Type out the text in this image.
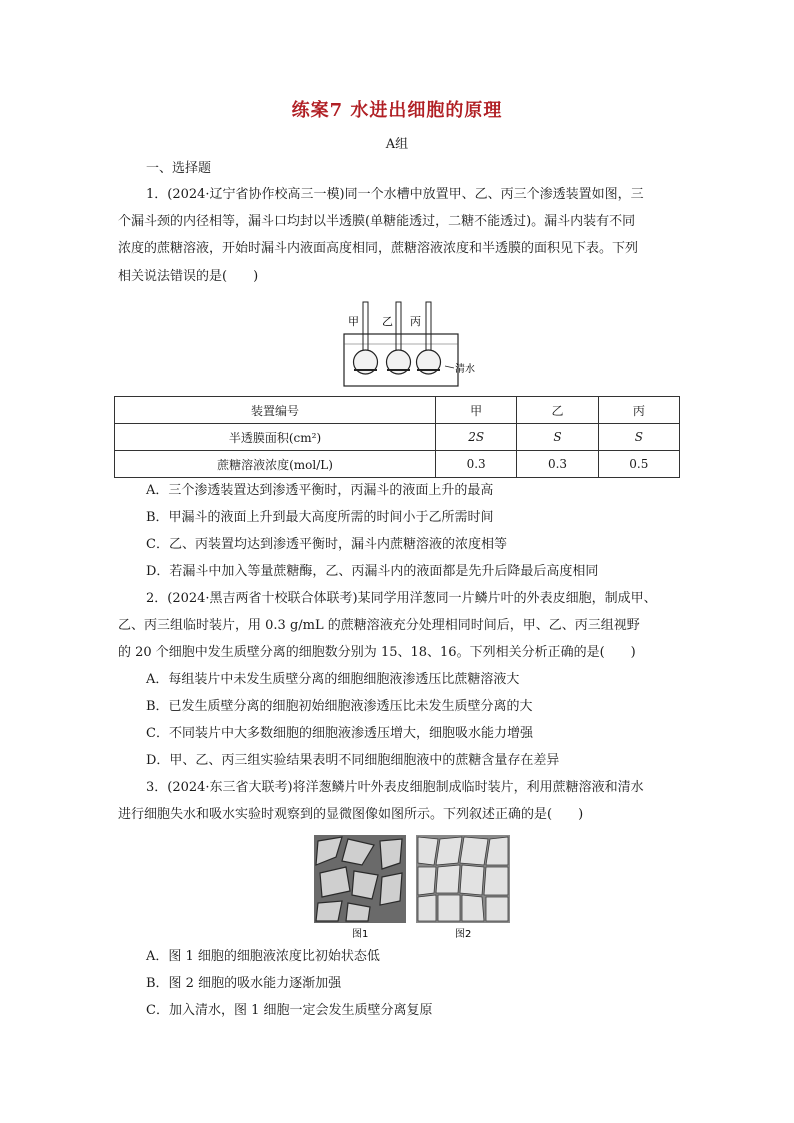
练案7 水进出细胞的原理
A组
一、选择题
1．(2024·辽宁省协作校高三一模)同一个水槽中放置甲、乙、丙三个渗透装置如图，三
个漏斗颈的内径相等，漏斗口均封以半透膜(单糖能透过，二糖不能透过)。漏斗内装有不同
浓度的蔗糖溶液，开始时漏斗内液面高度相同，蔗糖溶液浓度和半透膜的面积见下表。下列
相关说法错误的是(　　)
甲 乙 丙
清水
装置编号	甲	乙	丙
半透膜面积(cm²)	2S	S	S
蔗糖溶液浓度(mol/L)	0.3	0.3	0.5
A．三个渗透装置达到渗透平衡时，丙漏斗的液面上升的最高
B．甲漏斗的液面上升到最大高度所需的时间小于乙所需时间
C．乙、丙装置均达到渗透平衡时，漏斗内蔗糖溶液的浓度相等
D．若漏斗中加入等量蔗糖酶，乙、丙漏斗内的液面都是先升后降最后高度相同
2．(2024·黑吉两省十校联合体联考)某同学用洋葱同一片鳞片叶的外表皮细胞，制成甲、
乙、丙三组临时装片，用 0.3 g/mL 的蔗糖溶液充分处理相同时间后，甲、乙、丙三组视野
的 20 个细胞中发生质壁分离的细胞数分别为 15、18、16。下列相关分析正确的是(　　)
A．每组装片中未发生质壁分离的细胞细胞液渗透压比蔗糖溶液大
B．已发生质壁分离的细胞初始细胞液渗透压比未发生质壁分离的大
C．不同装片中大多数细胞的细胞液渗透压增大，细胞吸水能力增强
D．甲、乙、丙三组实验结果表明不同细胞细胞液中的蔗糖含量存在差异
3．(2024·东三省大联考)将洋葱鳞片叶外表皮细胞制成临时装片，利用蔗糖溶液和清水
进行细胞失水和吸水实验时观察到的显微图像如图所示。下列叙述正确的是(　　)
图1	图2
A．图 1 细胞的细胞液浓度比初始状态低
B．图 2 细胞的吸水能力逐渐加强
C．加入清水，图 1 细胞一定会发生质壁分离复原
